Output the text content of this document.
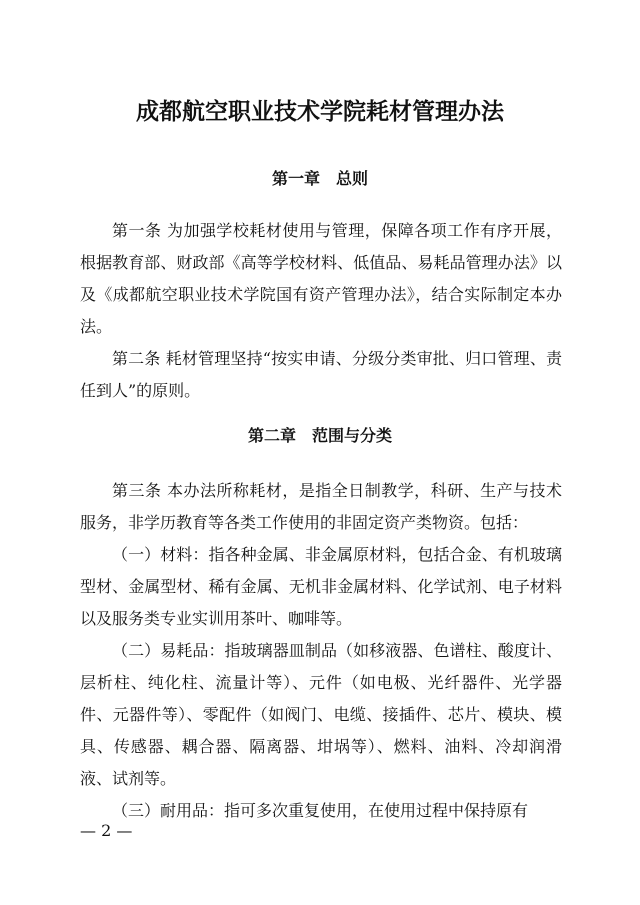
成都航空职业技术学院耗材管理办法
第一章　总则

第一条 为加强学校耗材使用与管理，保障各项工作有序开展，根据教育部、财政部《高等学校材料、低值品、易耗品管理办法》以及《成都航空职业技术学院国有资产管理办法》，结合实际制定本办法。

第二条 耗材管理坚持“按实申请、分级分类审批、归口管理、责任到人”的原则。

第二章　范围与分类

第三条 本办法所称耗材，是指全日制教学，科研、生产与技术服务，非学历教育等各类工作使用的非固定资产类物资。包括：

（一）材料：指各种金属、非金属原材料，包括合金、有机玻璃型材、金属型材、稀有金属、无机非金属材料、化学试剂、电子材料以及服务类专业实训用茶叶、咖啡等。

（二）易耗品：指玻璃器皿制品（如移液器、色谱柱、酸度计、层析柱、纯化柱、流量计等）、元件（如电极、光纤器件、光学器件、元器件等）、零配件（如阀门、电缆、接插件、芯片、模块、模具、传感器、耦合器、隔离器、坩埚等）、燃料、油料、冷却润滑液、试剂等。

（三）耐用品：指可多次重复使用，在使用过程中保持原有

— 2 —
